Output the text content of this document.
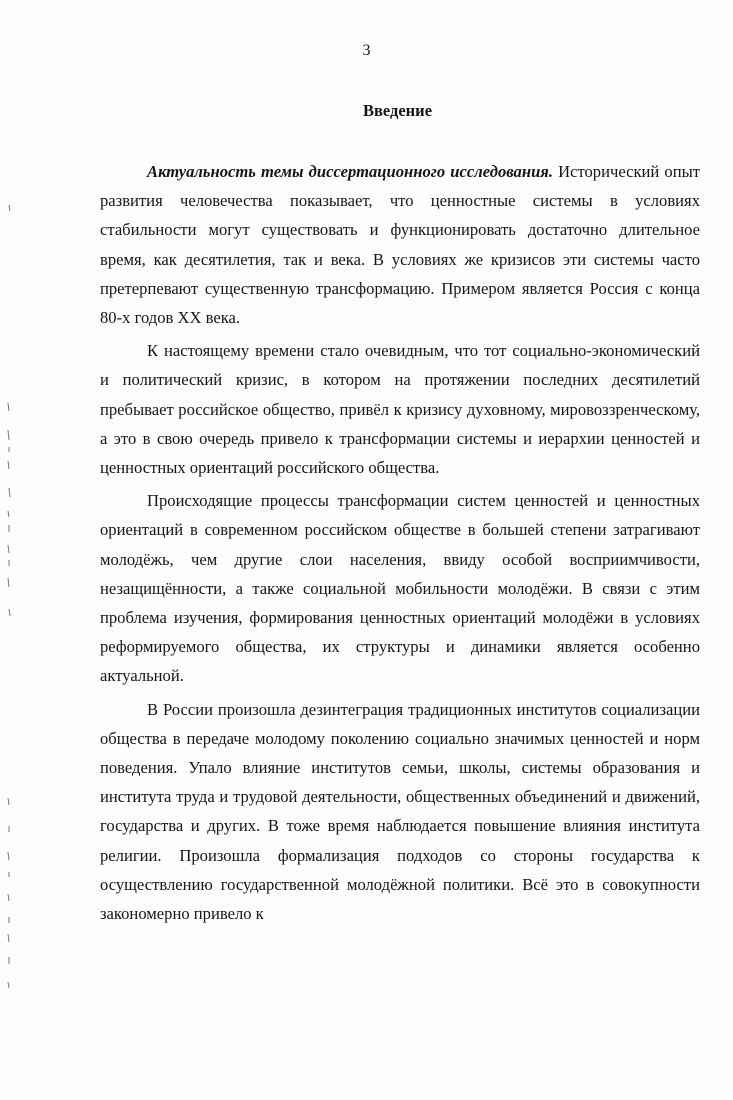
3
Введение

Актуальность темы диссертационного исследования. Исторический опыт развития человечества показывает, что ценностные системы в условиях стабильности могут существовать и функционировать достаточно длительное время, как десятилетия, так и века. В условиях же кризисов эти системы часто претерпевают существенную трансформацию. Примером является Россия с конца 80-х годов XX века.

К настоящему времени стало очевидным, что тот социально-экономический и политический кризис, в котором на протяжении последних десятилетий пребывает российское общество, привёл к кризису духовному, мировоззренческому, а это в свою очередь привело к трансформации системы и иерархии ценностей и ценностных ориентаций российского общества.

Происходящие процессы трансформации систем ценностей и ценностных ориентаций в современном российском обществе в большей степени затрагивают молодёжь, чем другие слои населения, ввиду особой восприимчивости, незащищённости, а также социальной мобильности молодёжи. В связи с этим проблема изучения, формирования ценностных ориентаций молодёжи в условиях реформируемого общества, их структуры и динамики является особенно актуальной.

В России произошла дезинтеграция традиционных институтов социализации общества в передаче молодому поколению социально значимых ценностей и норм поведения. Упало влияние институтов семьи, школы, системы образования и института труда и трудовой деятельности, общественных объединений и движений, государства и других. В тоже время наблюдается повышение влияния института религии. Произошла формализация подходов со стороны государства к осуществлению государственной молодёжной политики. Всё это в совокупности закономерно привело к
